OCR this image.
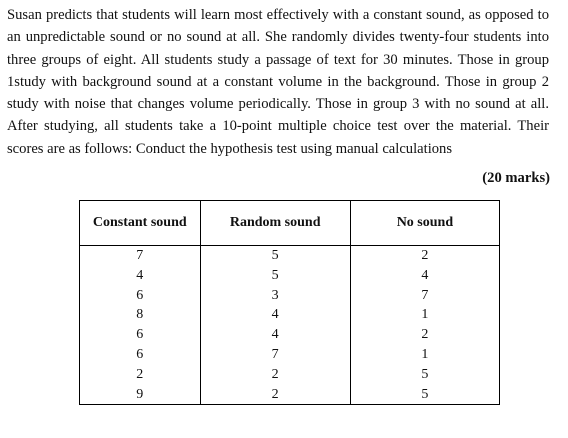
Susan predicts that students will learn most effectively with a constant sound, as opposed to an unpredictable sound or no sound at all. She randomly divides twenty-four students into three groups of eight. All students study a passage of text for 30 minutes. Those in group 1study with background sound at a constant volume in the background. Those in group 2 study with noise that changes volume periodically. Those in group 3 with no sound at all. After studying, all students take a 10-point multiple choice test over the material. Their scores are as follows: Conduct the hypothesis test using manual calculations

(20 marks)
Constant sound	Random sound	No sound
7	5	2
4	5	4
6	3	7
8	4	1
6	4	2
6	7	1
2	2	5
9	2	5
